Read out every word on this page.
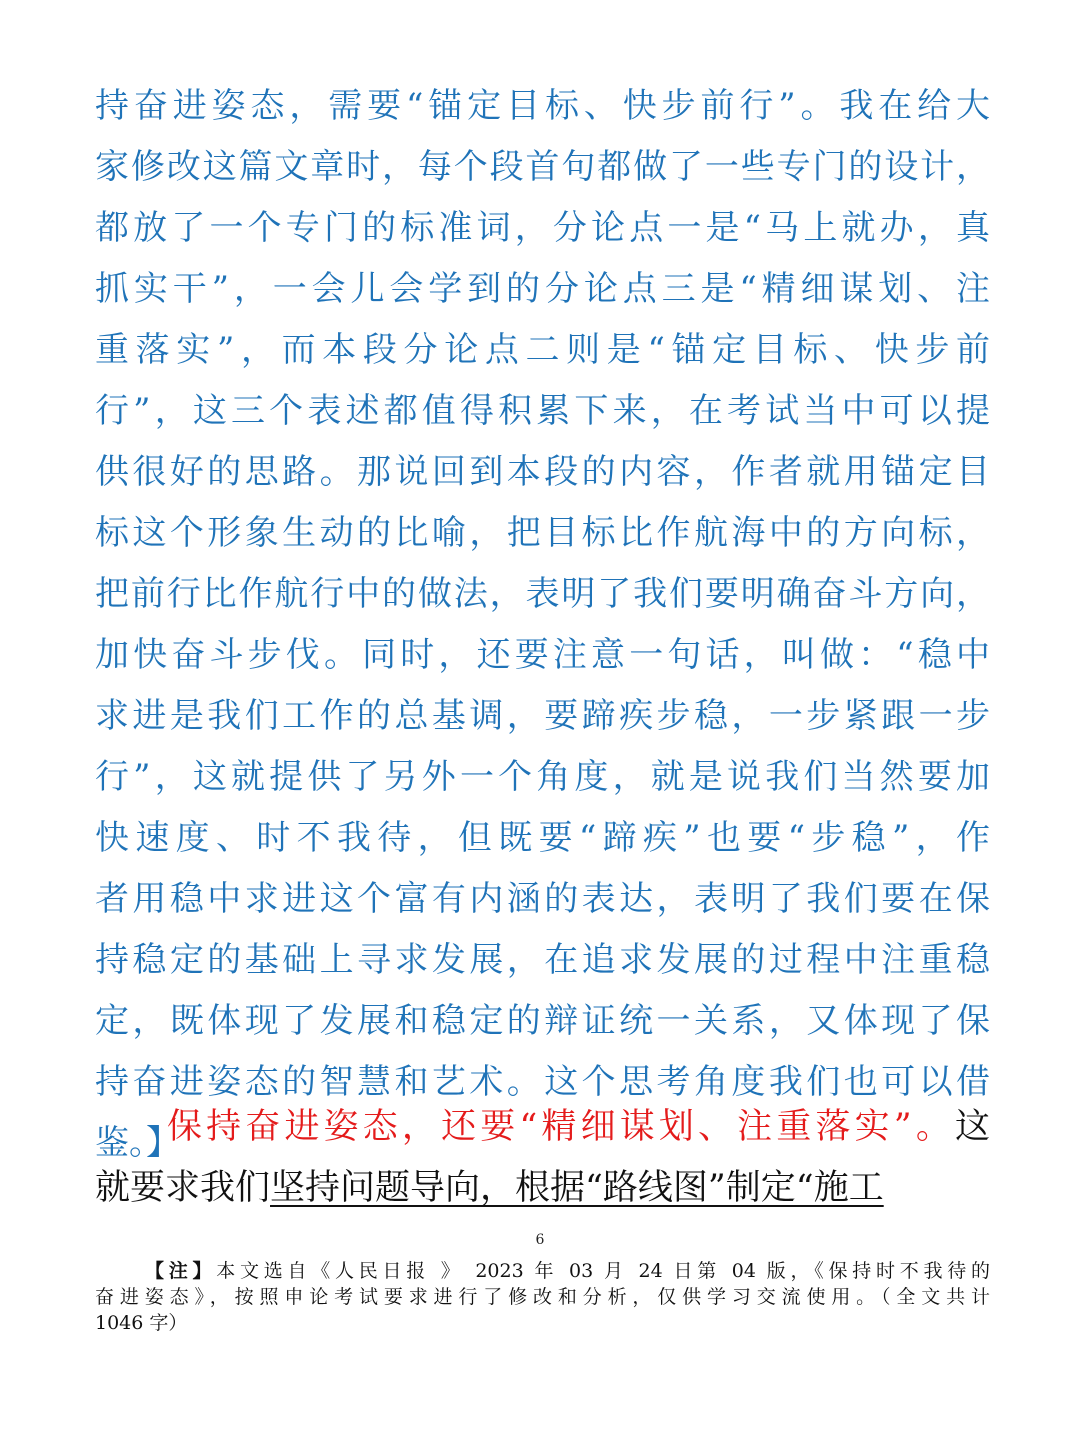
持奋进姿态，需要“锚定目标、快步前行”。我在给大
家修改这篇文章时，每个段首句都做了一些专门的设计，
都放了一个专门的标准词，分论点一是“马上就办，真
抓实干”，一会儿会学到的分论点三是“精细谋划、注
重落实”，而本段分论点二则是“锚定目标、快步前
行”，这三个表述都值得积累下来，在考试当中可以提
供很好的思路。那说回到本段的内容，作者就用锚定目
标这个形象生动的比喻，把目标比作航海中的方向标，
把前行比作航行中的做法，表明了我们要明确奋斗方向，
加快奋斗步伐。同时，还要注意一句话，叫做：“稳中
求进是我们工作的总基调，要蹄疾步稳，一步紧跟一步
行”，这就提供了另外一个角度，就是说我们当然要加
快速度、时不我待，但既要“蹄疾”也要“步稳”，作
者用稳中求进这个富有内涵的表达，表明了我们要在保
持稳定的基础上寻求发展，在追求发展的过程中注重稳
定，既体现了发展和稳定的辩证统一关系，又体现了保
持奋进姿态的智慧和艺术。这个思考角度我们也可以借
鉴。】
保持奋进姿态，还要“精细谋划、注重落实”。这
就要求我们坚持问题导向，根据“路线图”制定“施工
6
【注】本文选自《人民日报 》 2023 年 03 月 24 日第 04 版，《保持时不我待的
奋进姿态》，按照申论考试要求进行了修改和分析，仅供学习交流使用。（全文共计
1046 字）
